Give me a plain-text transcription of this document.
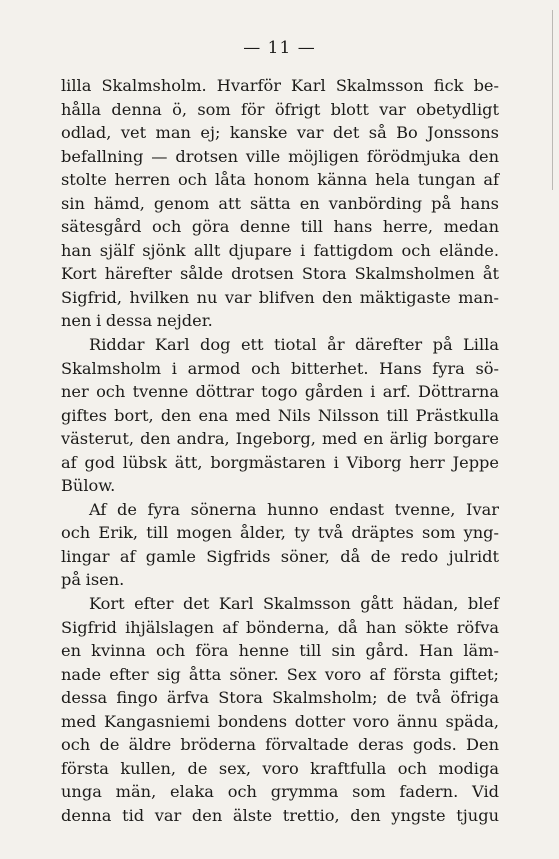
— 11 —
lilla Skalmsholm. Hvarför Karl Skalmsson fick be-
hålla denna ö, som för öfrigt blott var obetydligt
odlad, vet man ej; kanske var det så Bo Jonssons
befallning — drotsen ville möjligen förödmjuka den
stolte herren och låta honom känna hela tungan af
sin hämd, genom att sätta en vanbörding på hans
sätesgård och göra denne till hans herre, medan
han själf sjönk allt djupare i fattigdom och elände.
Kort härefter sålde drotsen Stora Skalmsholmen åt
Sigfrid, hvilken nu var blifven den mäktigaste man-
nen i dessa nejder.
Riddar Karl dog ett tiotal år därefter på Lilla
Skalmsholm i armod och bitterhet. Hans fyra sö-
ner och tvenne döttrar togo gården i arf. Döttrarna
giftes bort, den ena med Nils Nilsson till Prästkulla
västerut, den andra, Ingeborg, med en ärlig borgare
af god lübsk ätt, borgmästaren i Viborg herr Jeppe
Bülow.
Af de fyra sönerna hunno endast tvenne, Ivar
och Erik, till mogen ålder, ty två dräptes som yng-
lingar af gamle Sigfrids söner, då de redo julridt
på isen.
Kort efter det Karl Skalmsson gått hädan, blef
Sigfrid ihjälslagen af bönderna, då han sökte röfva
en kvinna och föra henne till sin gård. Han läm-
nade efter sig åtta söner. Sex voro af första giftet;
dessa fingo ärfva Stora Skalmsholm; de två öfriga
med Kangasniemi bondens dotter voro ännu späda,
och de äldre bröderna förvaltade deras gods. Den
första kullen, de sex, voro kraftfulla och modiga
unga män, elaka och grymma som fadern. Vid
denna tid var den älste trettio, den yngste tjugu
